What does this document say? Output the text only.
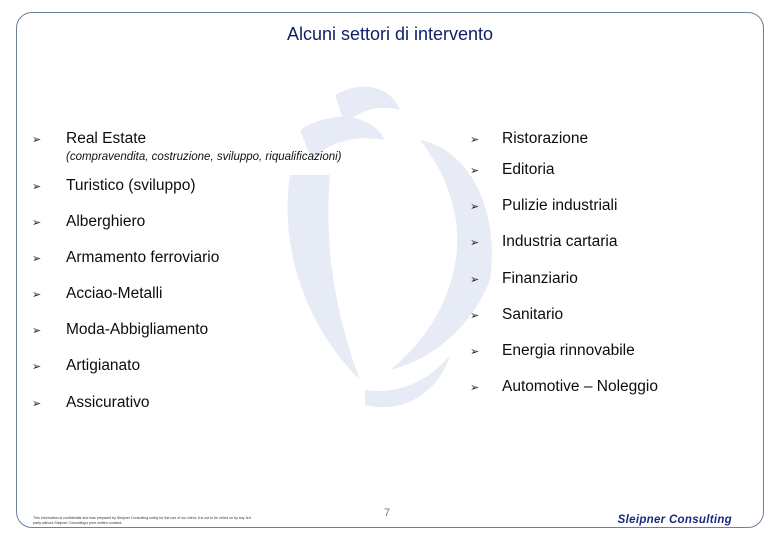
Alcuni settori di intervento
➢	Real Estate
➢	Turistico (sviluppo)
➢	Alberghiero
➢	Armamento ferroviario
➢	Acciao-Metalli
➢	Moda-Abbigliamento
➢	Artigianato
➢	Assicurativo
(compravendita, costruzione, sviluppo, riqualificazioni)
➢	Ristorazione
➢	Editoria
➢	Pulizie industriali
➢	Industria cartaria
➢	Finanziario
➢	Sanitario
➢	Energia rinnovabile
➢	Automotive – Noleggio
This information is confidential and was prepared by Sleipner Consulting solely for the use of our client; it is not to be relied on by any 3rd party without Sleipner Consulting's prior written consent.
7
Sleipner Consulting
